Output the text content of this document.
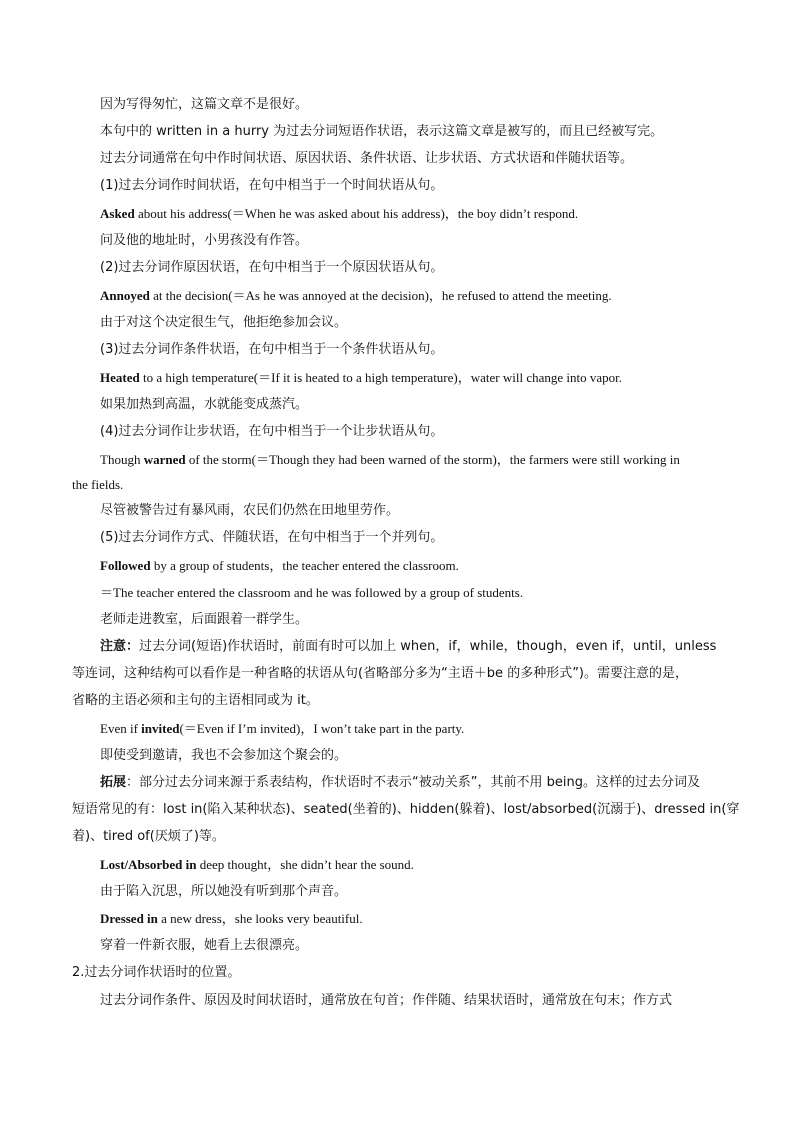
因为写得匆忙，这篇文章不是很好。
本句中的 written in a hurry 为过去分词短语作状语，表示这篇文章是被写的，而且已经被写完。
过去分词通常在句中作时间状语、原因状语、条件状语、让步状语、方式状语和伴随状语等。
(1)过去分词作时间状语，在句中相当于一个时间状语从句。
Asked about his address(＝When he was asked about his address)，the boy didn’t respond.
问及他的地址时，小男孩没有作答。
(2)过去分词作原因状语，在句中相当于一个原因状语从句。
Annoyed at the decision(＝As he was annoyed at the decision)，he refused to attend the meeting.
由于对这个决定很生气，他拒绝参加会议。
(3)过去分词作条件状语，在句中相当于一个条件状语从句。
Heated to a high temperature(＝If it is heated to a high temperature)，water will change into vapor.
如果加热到高温，水就能变成蒸汽。
(4)过去分词作让步状语，在句中相当于一个让步状语从句。
Though warned of the storm(＝Though they had been warned of the storm)，the farmers were still working in
the fields.
尽管被警告过有暴风雨，农民们仍然在田地里劳作。
(5)过去分词作方式、伴随状语，在句中相当于一个并列句。
Followed by a group of students，the teacher entered the classroom.
＝The teacher entered the classroom and he was followed by a group of students.
老师走进教室，后面跟着一群学生。
注意：过去分词(短语)作状语时，前面有时可以加上 when，if，while，though，even if，until，unless
等连词，这种结构可以看作是一种省略的状语从句(省略部分多为“主语＋be 的多种形式”)。需要注意的是，
省略的主语必须和主句的主语相同或为 it。
Even if invited(＝Even if I’m invited)，I won’t take part in the party.
即使受到邀请，我也不会参加这个聚会的。
拓展：部分过去分词来源于系表结构，作状语时不表示“被动关系”，其前不用 being。这样的过去分词及
短语常见的有：lost in(陷入某种状态)、seated(坐着的)、hidden(躲着)、lost/absorbed(沉溺于)、dressed in(穿
着)、tired of(厌烦了)等。
Lost/Absorbed in deep thought，she didn’t hear the sound.
由于陷入沉思，所以她没有听到那个声音。
Dressed in a new dress，she looks very beautiful.
穿着一件新衣服，她看上去很漂亮。
2.过去分词作状语时的位置。
过去分词作条件、原因及时间状语时，通常放在句首；作伴随、结果状语时，通常放在句末；作方式
